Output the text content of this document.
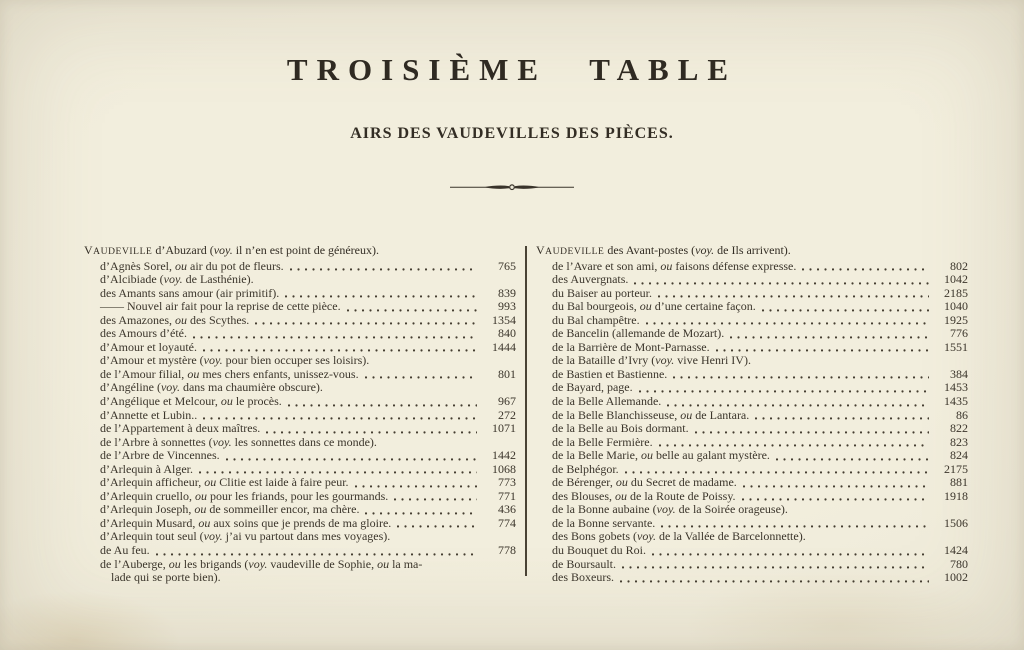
TROISIÈME TABLE
AIRS DES VAUDEVILLES DES PIÈCES.
VAUDEVILLE d’Abuzard (voy. il n’en est point de généreux).
d’Agnès Sorel, ou air du pot de fleurs.	765
d’Alcibiade (voy. de Lasthénie).
des Amants sans amour (air primitif).	839
—— Nouvel air fait pour la reprise de cette pièce.	993
des Amazones, ou des Scythes.	1354
des Amours d’été.	840
d’Amour et loyauté.	1444
d’Amour et mystère (voy. pour bien occuper ses loisirs).
de l’Amour filial, ou mes chers enfants, unissez-vous.	801
d’Angéline (voy. dans ma chaumière obscure).
d’Angélique et Melcour, ou le procès.	967
d’Annette et Lubin..	272
de l’Appartement à deux maîtres.	1071
de l’Arbre à sonnettes (voy. les sonnettes dans ce monde).
de l’Arbre de Vincennes.	1442
d’Arlequin à Alger.	1068
d’Arlequin afficheur, ou Clitie est laide à faire peur.	773
d’Arlequin cruello, ou pour les friands, pour les gourmands.	771
d’Arlequin Joseph, ou de sommeiller encor, ma chère.	436
d’Arlequin Musard, ou aux soins que je prends de ma gloire.	774
d’Arlequin tout seul (voy. j’ai vu partout dans mes voyages).
de Au feu.	778
de l’Auberge, ou les brigands (voy. vaudeville de Sophie, ou la ma-
lade qui se porte bien).
VAUDEVILLE des Avant-postes (voy. de Ils arrivent).
de l’Avare et son ami, ou faisons défense expresse.	802
des Auvergnats.	1042
du Baiser au porteur.	2185
du Bal bourgeois, ou d’une certaine façon.	1040
du Bal champêtre.	1925
de Bancelin (allemande de Mozart).	776
de la Barrière de Mont-Parnasse.	1551
de la Bataille d’Ivry (voy. vive Henri IV).
de Bastien et Bastienne.	384
de Bayard, page.	1453
de la Belle Allemande.	1435
de la Belle Blanchisseuse, ou de Lantara.	86
de la Belle au Bois dormant.	822
de la Belle Fermière.	823
de la Belle Marie, ou belle au galant mystère.	824
de Belphégor.	2175
de Bérenger, ou du Secret de madame.	881
des Blouses, ou de la Route de Poissy.	1918
de la Bonne aubaine (voy. de la Soirée orageuse).
de la Bonne servante.	1506
des Bons gobets (voy. de la Vallée de Barcelonnette).
du Bouquet du Roi.	1424
de Boursault.	780
des Boxeurs.	1002
